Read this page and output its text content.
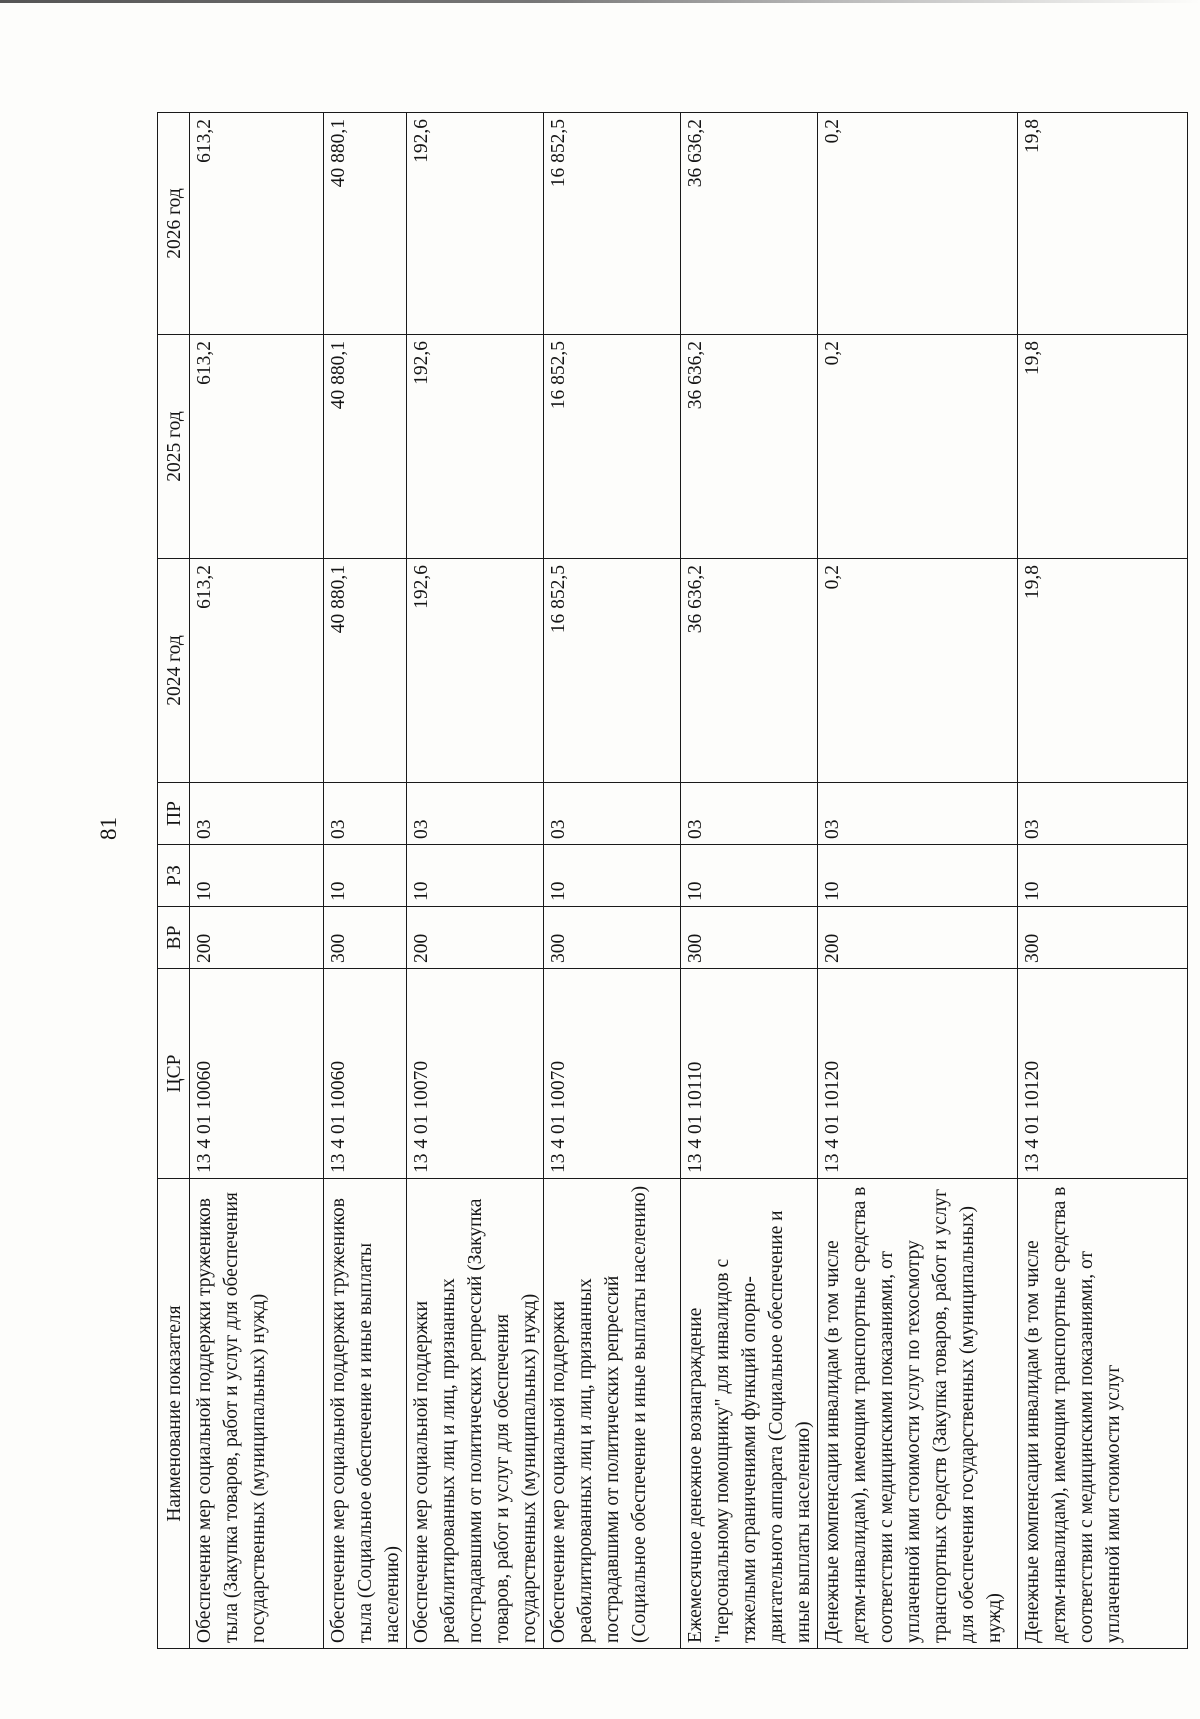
81
Наименование показателя	ЦСР	ВР	РЗ	ПР	2024 год	2025 год	2026 год
Обеспечение мер социальной поддержки тружеников тыла (Закупка товаров, работ и услуг для обеспечения государственных (муниципальных) нужд)	13 4 01 10060	200	10	03	613,2	613,2	613,2
Обеспечение мер социальной поддержки тружеников тыла (Социальное обеспечение и иные выплаты населению)	13 4 01 10060	300	10	03	40 880,1	40 880,1	40 880,1
Обеспечение мер социальной поддержки реабилитированных лиц и лиц, признанных пострадавшими от политических репрессий (Закупка товаров, работ и услуг для обеспечения государственных (муниципальных) нужд)	13 4 01 10070	200	10	03	192,6	192,6	192,6
Обеспечение мер социальной поддержки реабилитированных лиц и лиц, признанных пострадавшими от политических репрессий (Социальное обеспечение и иные выплаты населению)	13 4 01 10070	300	10	03	16 852,5	16 852,5	16 852,5
Ежемесячное денежное вознаграждение "персональному помощнику" для инвалидов с тяжелыми ограничениями функций опорно-двигательного аппарата (Социальное обеспечение и иные выплаты населению)	13 4 01 10110	300	10	03	36 636,2	36 636,2	36 636,2
Денежные компенсации инвалидам (в том числе детям-инвалидам), имеющим транспортные средства в соответствии с медицинскими показаниями, от уплаченной ими стоимости услуг по техосмотру транспортных средств (Закупка товаров, работ и услуг для обеспечения государственных (муниципальных) нужд)	13 4 01 10120	200	10	03	0,2	0,2	0,2
Денежные компенсации инвалидам (в том числе детям-инвалидам), имеющим транспортные средства в соответствии с медицинскими показаниями, от уплаченной ими стоимости услуг	13 4 01 10120	300	10	03	19,8	19,8	19,8
